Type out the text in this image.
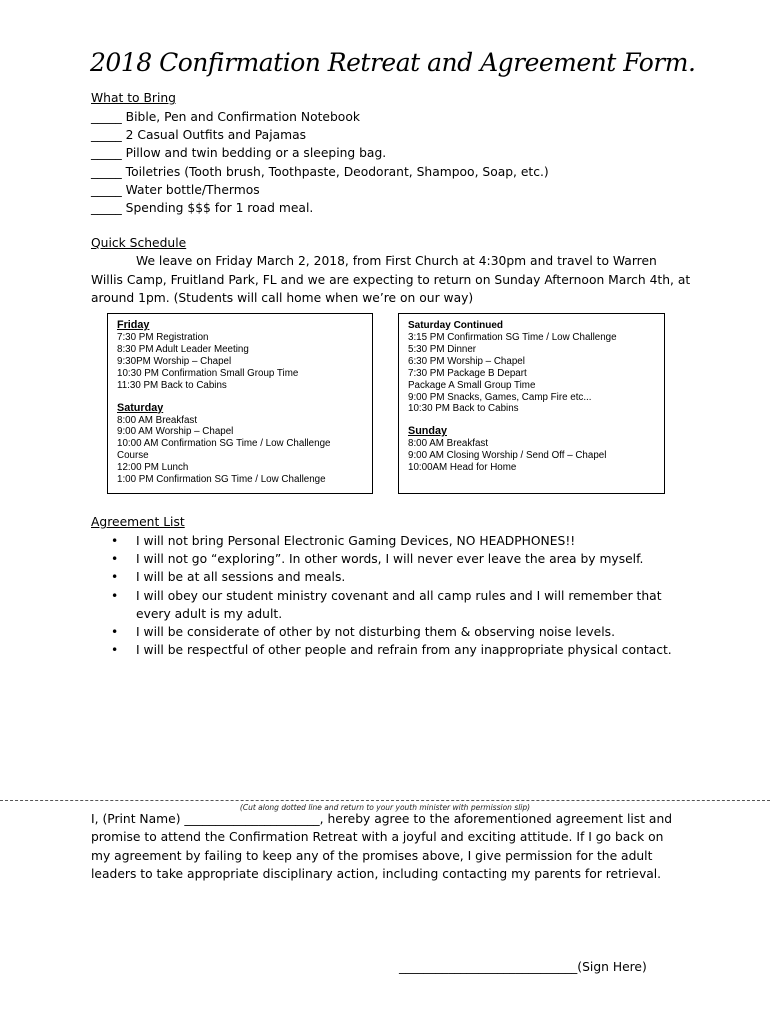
2018 Confirmation Retreat and Agreement Form.
What to Bring
_____ Bible, Pen and Confirmation Notebook
_____ 2 Casual Outfits and Pajamas
_____ Pillow and twin bedding or a sleeping bag.
_____ Toiletries (Tooth brush, Toothpaste, Deodorant, Shampoo, Soap, etc.)
_____ Water bottle/Thermos
_____ Spending $$$ for 1 road meal.
Quick Schedule

We leave on Friday March 2, 2018, from First Church at 4:30pm and travel to Warren Willis Camp, Fruitland Park, FL and we are expecting to return on Sunday Afternoon March 4th, at around 1pm. (Students will call home when we’re on our way)

Friday
7:30 PM Registration
8:30 PM Adult Leader Meeting
9:30PM Worship – Chapel
10:30 PM Confirmation Small Group Time
11:30 PM Back to Cabins
Saturday
8:00 AM Breakfast
9:00 AM Worship – Chapel
10:00 AM Confirmation SG Time / Low Challenge
Course
12:00 PM Lunch
1:00 PM Confirmation SG Time / Low Challenge
Saturday Continued
3:15 PM Confirmation SG Time / Low Challenge
5:30 PM Dinner
6:30 PM Worship – Chapel
7:30 PM Package B Depart
Package A Small Group Time
9:00 PM Snacks, Games, Camp Fire etc...
10:30 PM Back to Cabins
Sunday
8:00 AM Breakfast
9:00 AM Closing Worship / Send Off – Chapel
10:00AM Head for Home
Agreement List
• I will not bring Personal Electronic Gaming Devices, NO HEADPHONES!!
• I will not go “exploring”. In other words, I will never ever leave the area by myself.
• I will be at all sessions and meals.
• I will obey our student ministry covenant and all camp rules and I will remember that every adult is my adult.
• I will be considerate of other by not disturbing them & observing noise levels.
• I will be respectful of other people and refrain from any inappropriate physical contact.
(Cut along dotted line and return to your youth minister with permission slip)

I, (Print Name) ______________________, hereby agree to the aforementioned agreement list and promise to attend the Confirmation Retreat with a joyful and exciting attitude. If I go back on my agreement by failing to keep any of the promises above, I give permission for the adult leaders to take appropriate disciplinary action, including contacting my parents for retrieval.

_____________________________(Sign Here)
